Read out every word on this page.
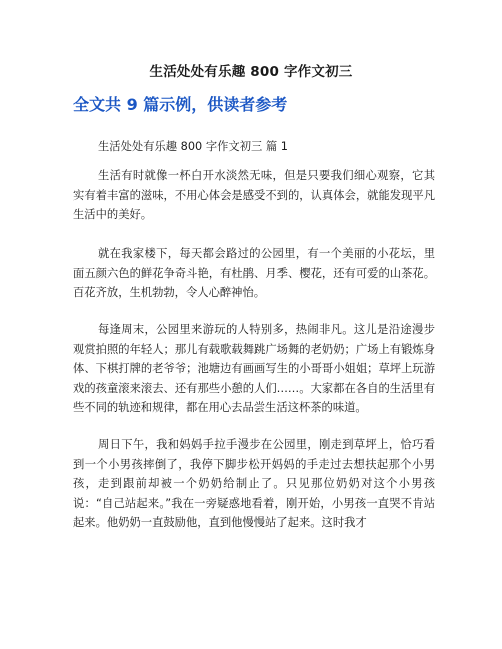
生活处处有乐趣 800 字作文初三
全文共 9 篇示例，供读者参考
生活处处有乐趣 800 字作文初三 篇 1

生活有时就像一杯白开水淡然无味，但是只要我们细心观察，它其实有着丰富的滋味，不用心体会是感受不到的，认真体会，就能发现平凡生活中的美好。

就在我家楼下，每天都会路过的公园里，有一个美丽的小花坛，里面五颜六色的鲜花争奇斗艳，有杜鹃、月季、樱花，还有可爱的山茶花。百花齐放，生机勃勃，令人心醉神怡。

每逢周末，公园里来游玩的人特别多，热闹非凡。这儿是沿途漫步观赏拍照的年轻人；那儿有载歌载舞跳广场舞的老奶奶；广场上有锻炼身体、下棋打牌的老爷爷；池塘边有画画写生的小哥哥小姐姐；草坪上玩游戏的孩童滚来滚去、还有那些小憩的人们……。大家都在各自的生活里有些不同的轨迹和规律，都在用心去品尝生活这杯茶的味道。

周日下午，我和妈妈手拉手漫步在公园里，刚走到草坪上，恰巧看到一个小男孩摔倒了，我停下脚步松开妈妈的手走过去想扶起那个小男孩，走到跟前却被一个奶奶给制止了。只见那位奶奶对这个小男孩说：“自己站起来。”我在一旁疑惑地看着，刚开始，小男孩一直哭不肯站起来。他奶奶一直鼓励他，直到他慢慢站了起来。这时我才
